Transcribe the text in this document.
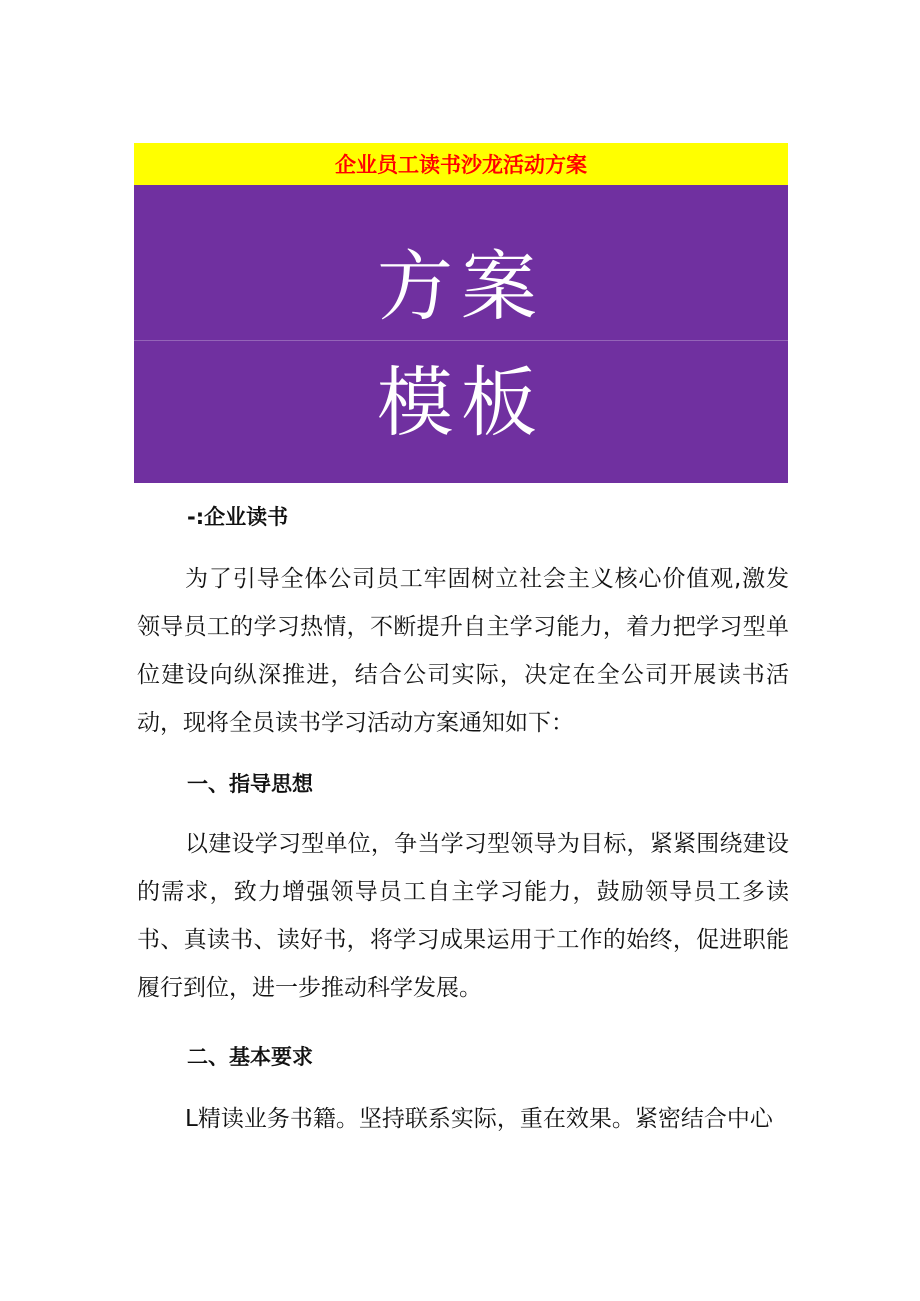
企业员工读书沙龙活动方案
方案
模板
-:企业读书
为了引导全体公司员工牢固树立社会主义核心价值观,激发领导员工的学习热情，不断提升自主学习能力，着力把学习型单位建设向纵深推进，结合公司实际，决定在全公司开展读书活动，现将全员读书学习活动方案通知如下：
一、指导思想
以建设学习型单位，争当学习型领导为目标，紧紧围绕建设的需求，致力增强领导员工自主学习能力，鼓励领导员工多读书、真读书、读好书，将学习成果运用于工作的始终，促进职能履行到位，进一步推动科学发展。
二、基本要求
L精读业务书籍。坚持联系实际，重在效果。紧密结合中心
